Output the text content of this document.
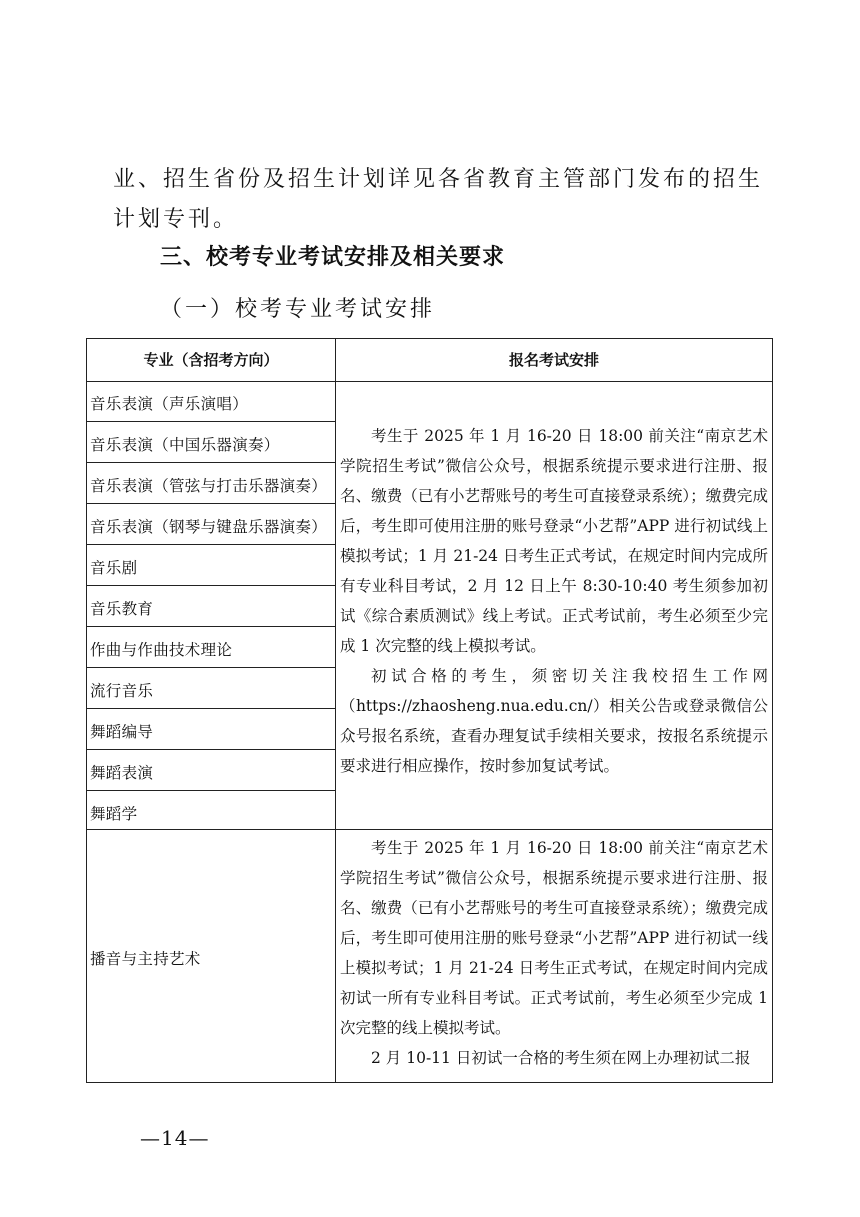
业、招生省份及招生计划详见各省教育主管部门发布的招生计划专刊。
三、校考专业考试安排及相关要求
（一）校考专业考试安排
专业（含招考方向）	报名考试安排
音乐表演（声乐演唱）
音乐表演（中国乐器演奏）
音乐表演（管弦与打击乐器演奏）
音乐表演（钢琴与键盘乐器演奏）
音乐剧
音乐教育
作曲与作曲技术理论
流行音乐
舞蹈编导
舞蹈表演
舞蹈学

考生于 2025 年 1 月 16-20 日 18:00 前关注“南京艺术学院招生考试”微信公众号，根据系统提示要求进行注册、报名、缴费（已有小艺帮账号的考生可直接登录系统）；缴费完成后，考生即可使用注册的账号登录“小艺帮”APP 进行初试线上模拟考试；1 月 21-24 日考生正式考试，在规定时间内完成所有专业科目考试，2 月 12 日上午 8:30-10:40 考生须参加初试《综合素质测试》线上考试。正式考试前，考生必须至少完成 1 次完整的线上模拟考试。

初试合格的考生，须密切关注我校招生工作网（https://zhaosheng.nua.edu.cn/）相关公告或登录微信公众号报名系统，查看办理复试手续相关要求，按报名系统提示要求进行相应操作，按时参加复试考试。

播音与主持艺术

考生于 2025 年 1 月 16-20 日 18:00 前关注“南京艺术学院招生考试”微信公众号，根据系统提示要求进行注册、报名、缴费（已有小艺帮账号的考生可直接登录系统）；缴费完成后，考生即可使用注册的账号登录“小艺帮”APP 进行初试一线上模拟考试；1 月 21-24 日考生正式考试，在规定时间内完成初试一所有专业科目考试。正式考试前，考生必须至少完成 1 次完整的线上模拟考试。

2 月 10-11 日初试一合格的考生须在网上办理初试二报

—14—
